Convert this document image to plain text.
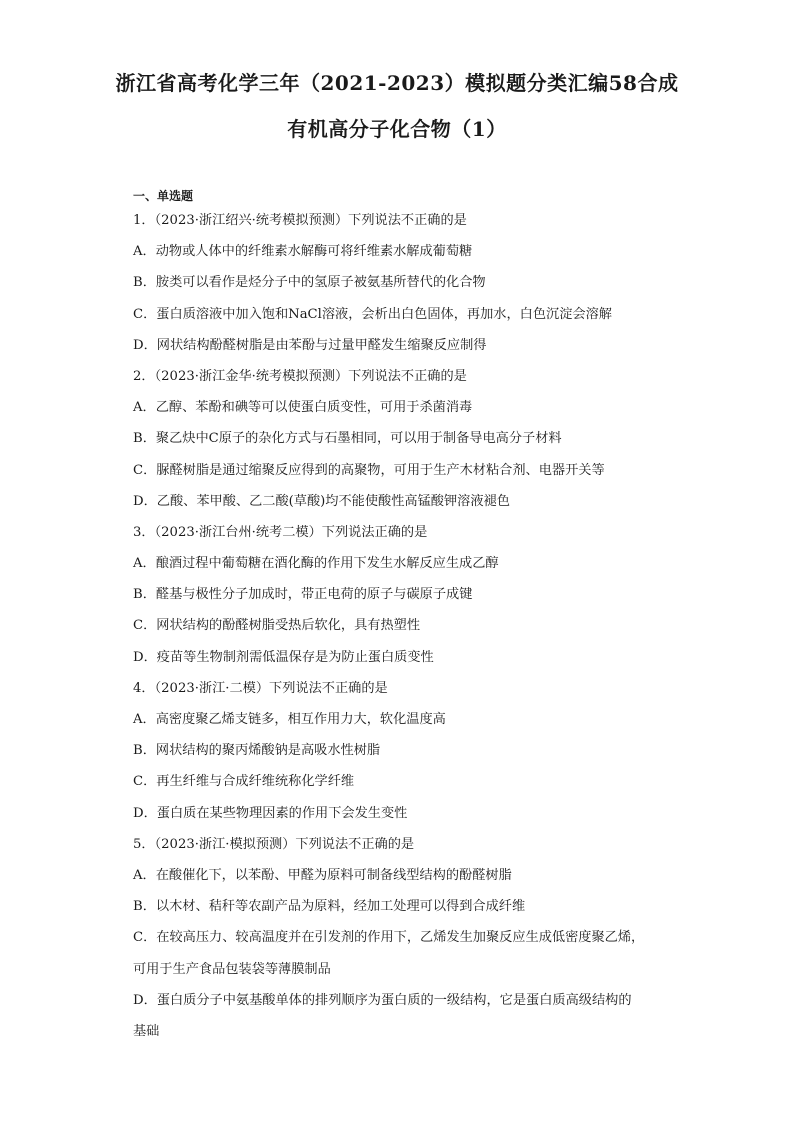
浙江省高考化学三年（2021-2023）模拟题分类汇编58合成
有机高分子化合物（1）
一、单选题

1．（2023·浙江绍兴·统考模拟预测）下列说法不正确的是

A．动物或人体中的纤维素水解酶可将纤维素水解成葡萄糖

B．胺类可以看作是烃分子中的氢原子被氨基所替代的化合物

C．蛋白质溶液中加入饱和NaCl溶液，会析出白色固体，再加水，白色沉淀会溶解

D．网状结构酚醛树脂是由苯酚与过量甲醛发生缩聚反应制得

2．（2023·浙江金华·统考模拟预测）下列说法不正确的是

A．乙醇、苯酚和碘等可以使蛋白质变性，可用于杀菌消毒

B．聚乙炔中C原子的杂化方式与石墨相同，可以用于制备导电高分子材料

C．脲醛树脂是通过缩聚反应得到的高聚物，可用于生产木材粘合剂、电器开关等

D．乙酸、苯甲酸、乙二酸(草酸)均不能使酸性高锰酸钾溶液褪色

3．（2023·浙江台州·统考二模）下列说法正确的是

A．酿酒过程中葡萄糖在酒化酶的作用下发生水解反应生成乙醇

B．醛基与极性分子加成时，带正电荷的原子与碳原子成键

C．网状结构的酚醛树脂受热后软化，具有热塑性

D．疫苗等生物制剂需低温保存是为防止蛋白质变性

4．（2023·浙江·二模）下列说法不正确的是

A．高密度聚乙烯支链多，相互作用力大，软化温度高

B．网状结构的聚丙烯酸钠是高吸水性树脂

C．再生纤维与合成纤维统称化学纤维

D．蛋白质在某些物理因素的作用下会发生变性

5．（2023·浙江·模拟预测）下列说法不正确的是

A．在酸催化下，以苯酚、甲醛为原料可制备线型结构的酚醛树脂

B．以木材、秸秆等农副产品为原料，经加工处理可以得到合成纤维

C．在较高压力、较高温度并在引发剂的作用下，乙烯发生加聚反应生成低密度聚乙烯，

可用于生产食品包装袋等薄膜制品

D．蛋白质分子中氨基酸单体的排列顺序为蛋白质的一级结构，它是蛋白质高级结构的

基础
